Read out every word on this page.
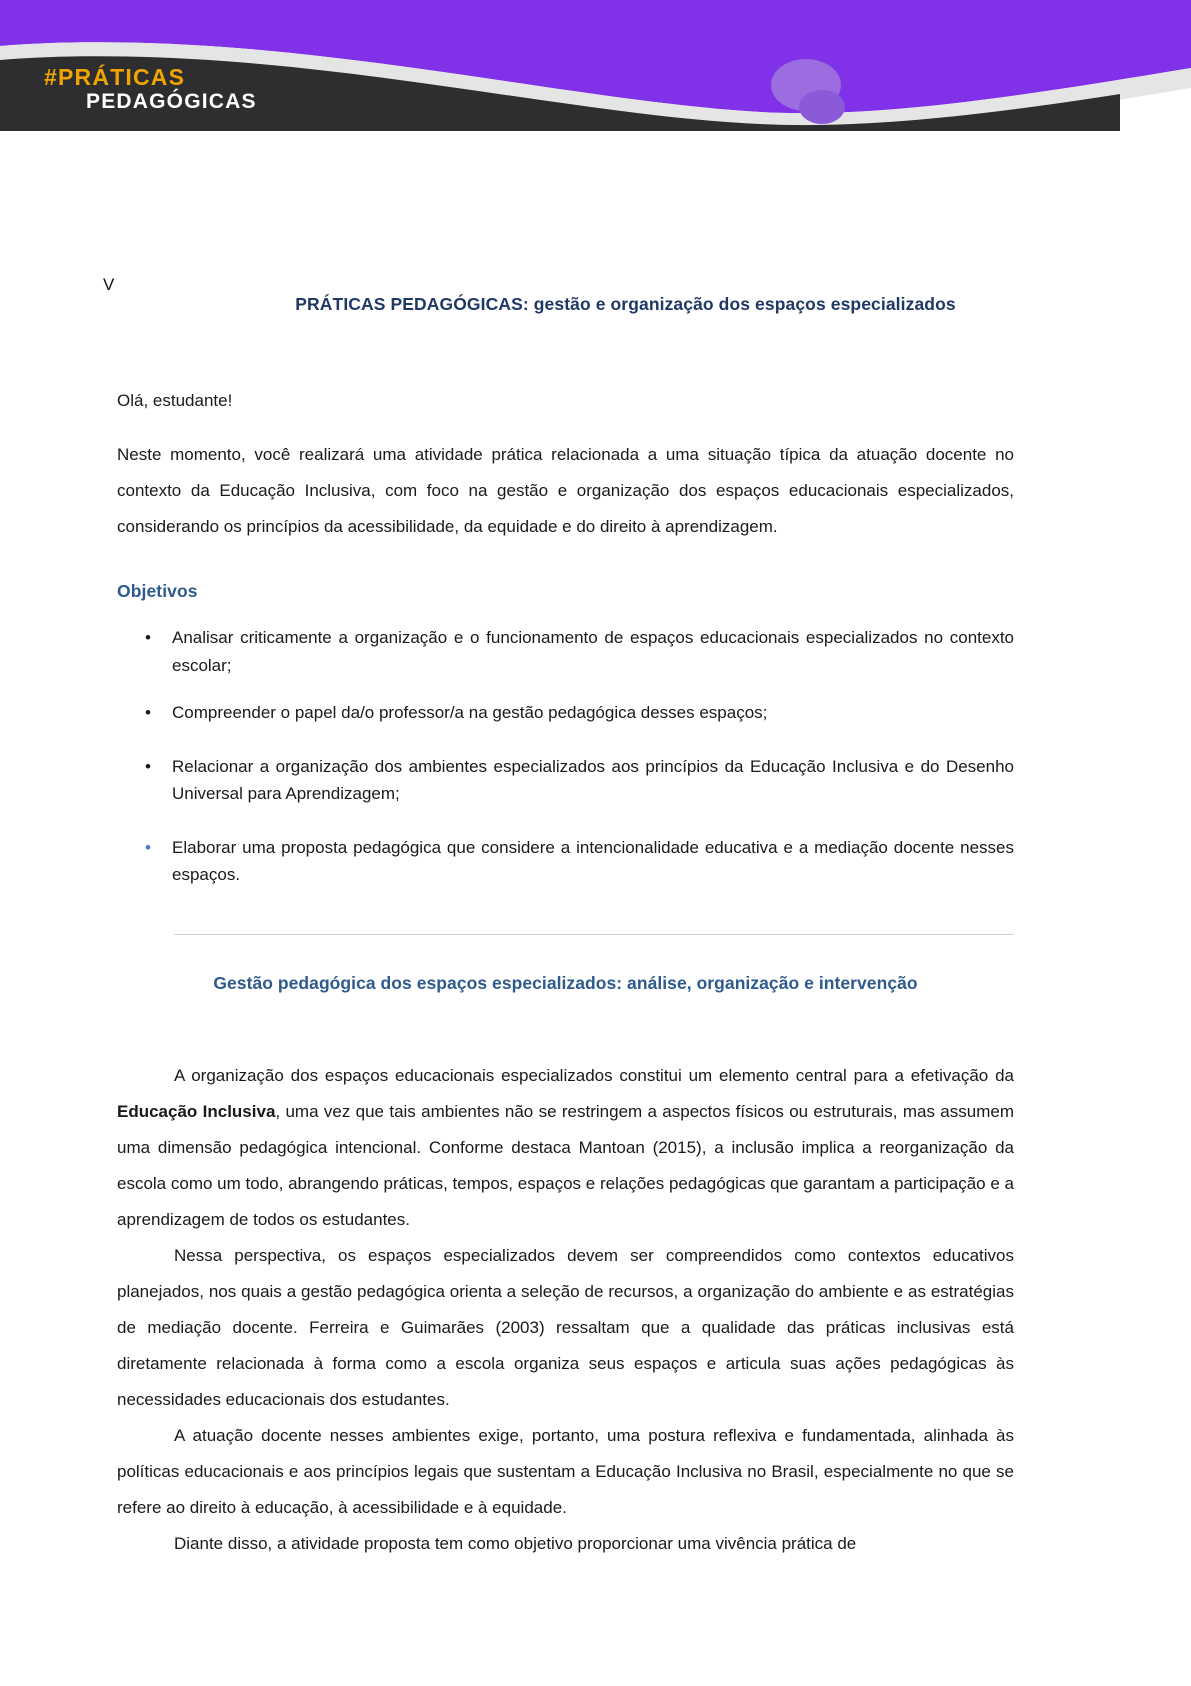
#PRÁTICAS
PEDAGÓGICAS
V
PRÁTICAS PEDAGÓGICAS: gestão e organização dos espaços especializados

Olá, estudante!

Neste momento, você realizará uma atividade prática relacionada a uma situação típica da atuação docente no contexto da Educação Inclusiva, com foco na gestão e organização dos espaços educacionais especializados, considerando os princípios da acessibilidade, da equidade e do direito à aprendizagem.

Objetivos
• Analisar criticamente a organização e o funcionamento de espaços educacionais especializados no contexto escolar;
• Compreender o papel da/o professor/a na gestão pedagógica desses espaços;
• Relacionar a organização dos ambientes especializados aos princípios da Educação Inclusiva e do Desenho Universal para Aprendizagem;
• Elaborar uma proposta pedagógica que considere a intencionalidade educativa e a mediação docente nesses espaços.
Gestão pedagógica dos espaços especializados: análise, organização e intervenção

A organização dos espaços educacionais especializados constitui um elemento central para a efetivação da Educação Inclusiva, uma vez que tais ambientes não se restringem a aspectos físicos ou estruturais, mas assumem uma dimensão pedagógica intencional. Conforme destaca Mantoan (2015), a inclusão implica a reorganização da escola como um todo, abrangendo práticas, tempos, espaços e relações pedagógicas que garantam a participação e a aprendizagem de todos os estudantes.

Nessa perspectiva, os espaços especializados devem ser compreendidos como contextos educativos planejados, nos quais a gestão pedagógica orienta a seleção de recursos, a organização do ambiente e as estratégias de mediação docente. Ferreira e Guimarães (2003) ressaltam que a qualidade das práticas inclusivas está diretamente relacionada à forma como a escola organiza seus espaços e articula suas ações pedagógicas às necessidades educacionais dos estudantes.

A atuação docente nesses ambientes exige, portanto, uma postura reflexiva e fundamentada, alinhada às políticas educacionais e aos princípios legais que sustentam a Educação Inclusiva no Brasil, especialmente no que se refere ao direito à educação, à acessibilidade e à equidade.

Diante disso, a atividade proposta tem como objetivo proporcionar uma vivência prática de
